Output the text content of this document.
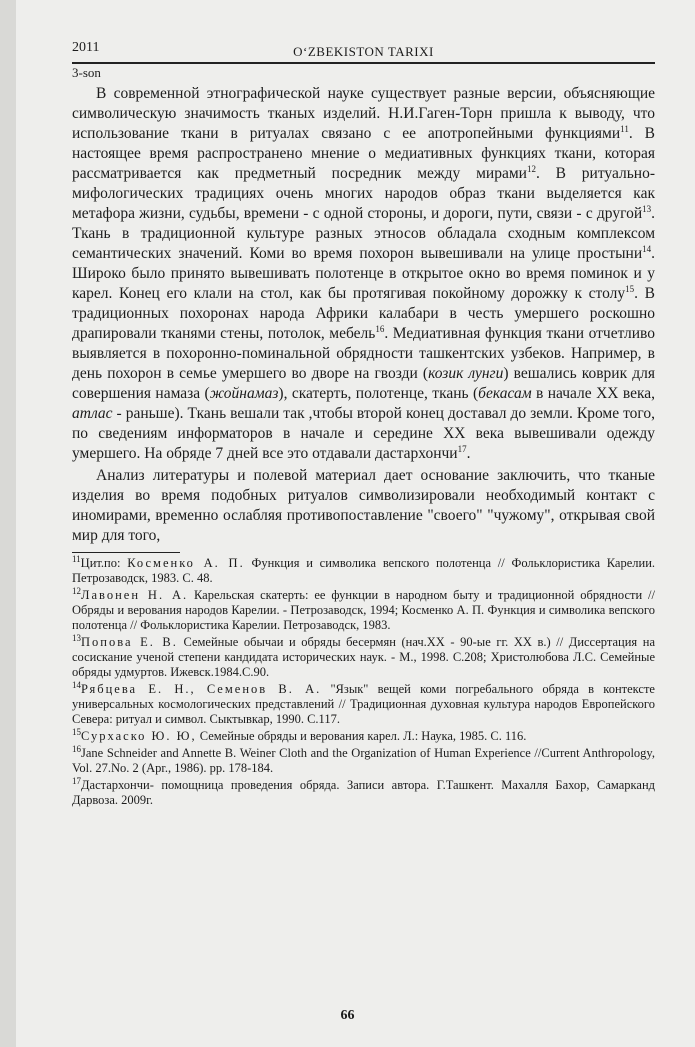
2011	O‘ZBEKISTON TARIXI
3-son

В современной этнографической науке существует разные версии, объясняющие символическую значимость тканых изделий. Н.И.Гаген-Торн пришла к выводу, что использование ткани в ритуалах связано с ее апотропейными функциями$^{11}$. В настоящее время распространено мнение о медиативных функциях ткани, которая рассматривается как предметный посредник между мирами$^{12}$. В ритуально-мифологических традициях очень многих народов образ ткани выделяется как метафора жизни, судьбы, времени - с одной стороны, и дороги, пути, связи - с другой$^{13}$. Ткань в традиционной культуре разных этносов обладала сходным комплексом семантических значений. Коми во время похорон вывешивали на улице простыни$^{14}$. Широко было принято вывешивать полотенце в открытое окно во время поминок и у карел. Конец его клали на стол, как бы протягивая покойному дорожку к столу$^{15}$. В традиционных похоронах народа Африки калабари в честь умершего роскошно драпировали тканями стены, потолок, мебель$^{16}$. Медиативная функция ткани отчетливо выявляется в похоронно-поминальной обрядности ташкентских узбеков. Например, в день похорон в семье умершего во дворе на гвозди (козик лунги) вешались коврик для совершения намаза (жойнамаз), скатерть, полотенце, ткань (бекасам в начале XX века, атлас - раньше). Ткань вешали так ,чтобы второй конец доставал до земли. Кроме того, по сведениям информаторов в начале и середине XX века вывешивали одежду умершего. На обряде 7 дней все это отдавали дастархончи$^{17}$.

Анализ литературы и полевой материал дает основание заключить, что тканые изделия во время подобных ритуалов символизировали необходимый контакт с иномирами, временно ослабляя противопоставление "своего" "чужому", открывая свой мир для того,

$^{11}$Цит.по: Косменко А. П. Функция и символика вепского полотенца // Фольклористика Карелии. Петрозаводск, 1983. С. 48.
$^{12}$Лавонен Н. А. Карельская скатерть: ее функции в народном быту и традиционной обрядности // Обряды и верования народов Карелии. - Петрозаводск, 1994; Косменко А. П. Функция и символика вепского полотенца // Фольклористика Карелии. Петрозаводск, 1983.
$^{13}$Попова Е. В. Семейные обычаи и обряды бесермян (нач.XX - 90-ые гг. XX в.) // Диссертация на сосискание ученой степени кандидата исторических наук. - М., 1998. С.208; Христолюбова Л.С. Семейные обряды удмуртов. Ижевск.1984.С.90.
$^{14}$Рябцева Е. Н., Семенов В. А. "Язык" вещей коми погребального обряда в контексте универсальных космологических представлений // Традиционная духовная культура народов Европейского Севера: ритуал и символ. Сыктывкар, 1990. С.117.
$^{15}$Сурхаско Ю. Ю, Семейные обряды и верования карел. Л.: Наука, 1985. С. 116.
$^{16}$Jane Schneider and Annette B. Weiner Cloth and the Organization of Human Experience //Current Anthropology, Vol. 27.No. 2 (Apr., 1986). pp. 178-184.
$^{17}$Дастархончи- помощница проведения обряда. Записи автора. Г.Ташкент. Махалля Бахор, Самарканд Дарвоза. 2009г.
66
